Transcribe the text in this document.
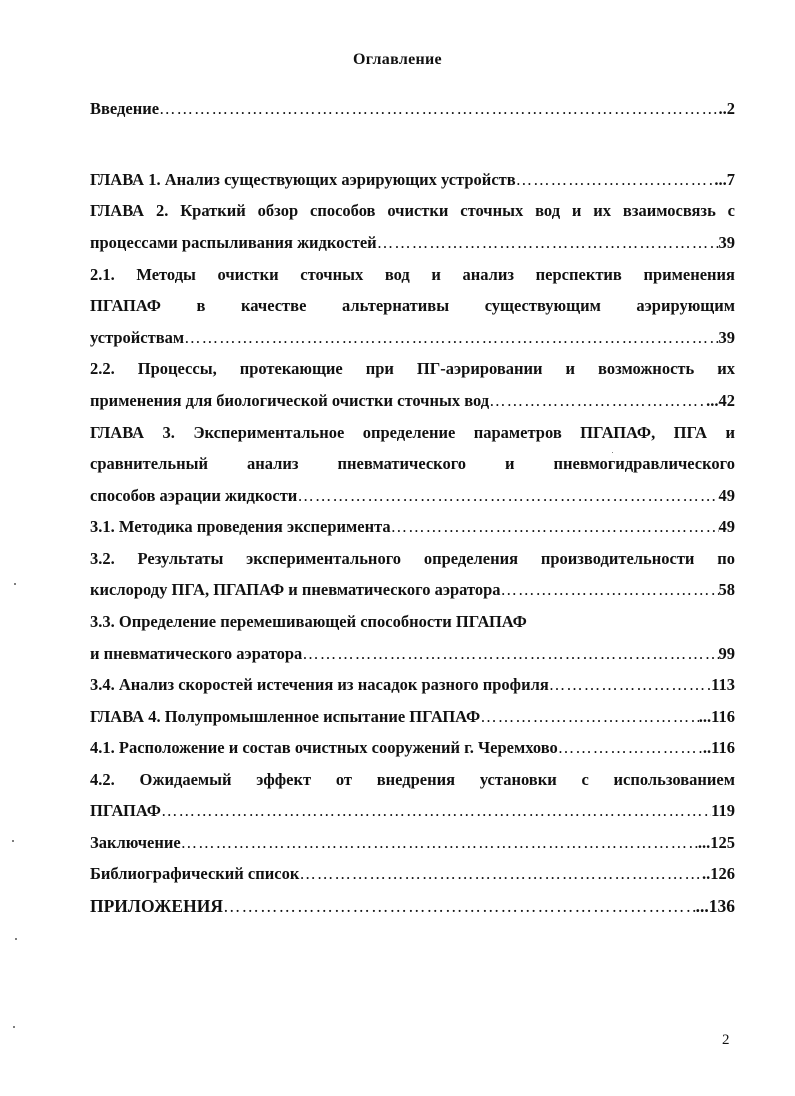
Оглавление
Введение …………………………………………………………………………………………………………………………………………………………………………………	..2
ГЛАВА 1. Анализ существующих аэрирующих устройств …………………………………………………………………………………………………………………………………………………………………………………	...7
ГЛАВА 2. Краткий обзор способов очистки сточных вод и их взаимосвязь с
процессами распыливания жидкостей …………………………………………………………………………………………………………………………………………………………………………………	39
2.1. Методы очистки сточных вод и анализ перспектив применения
ПГАПАФ в качестве альтернативы существующим аэрирующим
устройствам …………………………………………………………………………………………………………………………………………………………………………………	39
2.2. Процессы, протекающие при ПГ-аэрировании и возможность их
применения для биологической очистки сточных вод …………………………………………………………………………………………………………………………………………………………………………………	...42
ГЛАВА 3. Экспериментальное определение параметров ПГАПАФ, ПГА и
сравнительный анализ пневматического и пневмогидравлического
способов аэрации жидкости …………………………………………………………………………………………………………………………………………………………………………………	49
3.1. Методика проведения эксперимента …………………………………………………………………………………………………………………………………………………………………………………	49
3.2. Результаты экспериментального определения производительности по
кислороду ПГА, ПГАПАФ и пневматического аэратора …………………………………………………………………………………………………………………………………………………………………………………	58
3.3. Определение перемешивающей способности ПГАПАФ
и пневматического аэратора …………………………………………………………………………………………………………………………………………………………………………………	99
3.4. Анализ скоростей истечения из насадок разного профиля …………………………………………………………………………………………………………………………………………………………………………………	113
ГЛАВА 4. Полупромышленное испытание ПГАПАФ …………………………………………………………………………………………………………………………………………………………………………………	...116
4.1. Расположение и состав очистных сооружений г. Черемхово …………………………………………………………………………………………………………………………………………………………………………………	..116
4.2. Ожидаемый эффект от внедрения установки с использованием
ПГАПАФ …………………………………………………………………………………………………………………………………………………………………………………	119
Заключение …………………………………………………………………………………………………………………………………………………………………………………	...125
Библиографический список …………………………………………………………………………………………………………………………………………………………………………………	..126
ПРИЛОЖЕНИЯ …………………………………………………………………………………………………………………………………………………………………………………	...136
2
